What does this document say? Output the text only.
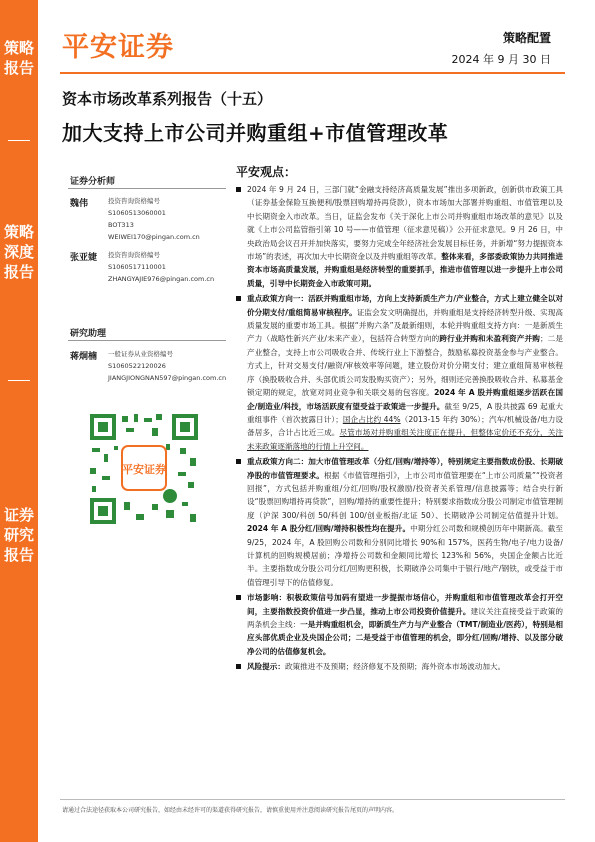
策略报告
策略深度报告
证券研究报告
平安证券	策略配置
2024 年 9 月 30 日
资本市场改革系列报告（十五）
加大支持上市公司并购重组+市值管理改革
证券分析师
魏伟	投资咨询资格编号
S1060513060001
BOT313
WEIWEI170@pingan.com.cn
张亚婕 投资咨询资格编号
S1060517110001
ZHANGYAJIE976@pingan.com.cn
研究助理
蒋炯楠 一般证券从业资格编号
S1060522120026
JIANGJIONGNAN597@pingan.com.cn
平安证券
平安观点：
2024 年 9 月 24 日，三部门就“金融支持经济高质量发展”推出多项新政，创新供市政策工具（证券基金保险互换便利/股票回购增持再贷款），资本市场加大部署并购重组、市值管理以及中长期资金入市改革。当日，证监会发布《关于深化上市公司并购重组市场改革的意见》以及就《上市公司监管指引第 10 号——市值管理（征求意见稿）》公开征求意见。9 月 26 日，中央政治局会议召开并加快落实，要努力完成全年经济社会发展目标任务，并新增“努力提振资本市场”的表述，再次加大中长期资金以及并购重组等改革。整体来看，多部委政策协力共同推进资本市场高质量发展，并购重组是经济转型的重要抓手，推进市值管理以进一步提升上市公司质量，引导中长期资金入市政策可期。
重点政策方向一：活跃并购重组市场，方向上支持新质生产力/产业整合，方式上建立健全以对价分期支付/重组简易审核程序。证监会发文明确提出，并购重组是支持经济转型升级、实现高质量发展的重要市场工具。根据“并购六条”及最新细则，本轮并购重组支持方向：一是新质生产力（战略性新兴产业/未来产业），包括符合转型方向的跨行业并购和未盈利资产并购；二是产业整合，支持上市公司吸收合并、传统行业上下游整合，鼓励私募投资基金参与产业整合。方式上，针对交易支付/融资/审核效率等问题，建立股份对价分期支付；建立重组简易审核程序（换股吸收合并、头部优质公司发股购买资产）；另外，细则还完善换股吸收合并、私募基金锁定期的规定，放宽对同业竞争和关联交易的包容度。2024 年 A 股并购重组逐步活跃在国企/制造业/科技，市场活跃度有望受益于政策进一步提升。截至 9/25，A 股共披露 69 起重大重组事件（首次披露日计）；国企占比约 44%（2013-15 年约 30%）；汽车/机械设备/电力设备居多，合计占比近三成。尽管市场对并购重组关注度正在提升，但整体定价还不充分，关注未来政策逐渐落地的行情上升空间。
重点政策方向二：加大市值管理改革（分红/回购/增持等），特别规定主要指数成份股、长期破净股的市值管理要求。根据《市值管理指引》，上市公司市值管理要在“上市公司质量”“投资者回报”，方式包括并购重组/分红/回购/股权激励/投资者关系管理/信息披露等；结合央行新设“股票回购增持再贷款”，回购/增持的重要性提升；特别要求指数成分股公司制定市值管理制度（沪深 300/科创 50/科创 100/创业板指/北证 50）、长期破净公司制定估值提升计划。2024 年 A 股分红/回购/增持积极性均在提升。中期分红公司数和规模创历年中期新高。截至 9/25，2024 年，A 股回购公司数和分别同比增长 90%和 157%，医药生物/电子/电力设备/计算机的回购规模居前；净增持公司数和金额同比增长 123%和 56%，央国企金额占比近半。主要指数成分股公司分红/回购更积极，长期破净公司集中于银行/地产/钢铁，或受益于市值管理引导下的估值修复。
市场影响：积极政策信号加码有望进一步提振市场信心，并购重组和市值管理改革会打开空间，主要指数投资价值进一步凸显，推动上市公司投资价值提升。建议关注直接受益于政策的两条机会主线：一是并购重组机会，即新质生产力与产业整合（TMT/制造业/医药），特别是相应头部优质企业及央国企公司；二是受益于市值管理的机会，即分红/回购/增持、以及部分破净公司的估值修复机会。
风险提示：政策推进不及预期；经济修复不及预期；海外资本市场波动加大。
请通过合法途径获取本公司研究报告，如经由未经许可的渠道获得研究报告，请慎重使用并注意阅读研究报告尾页的声明内容。
